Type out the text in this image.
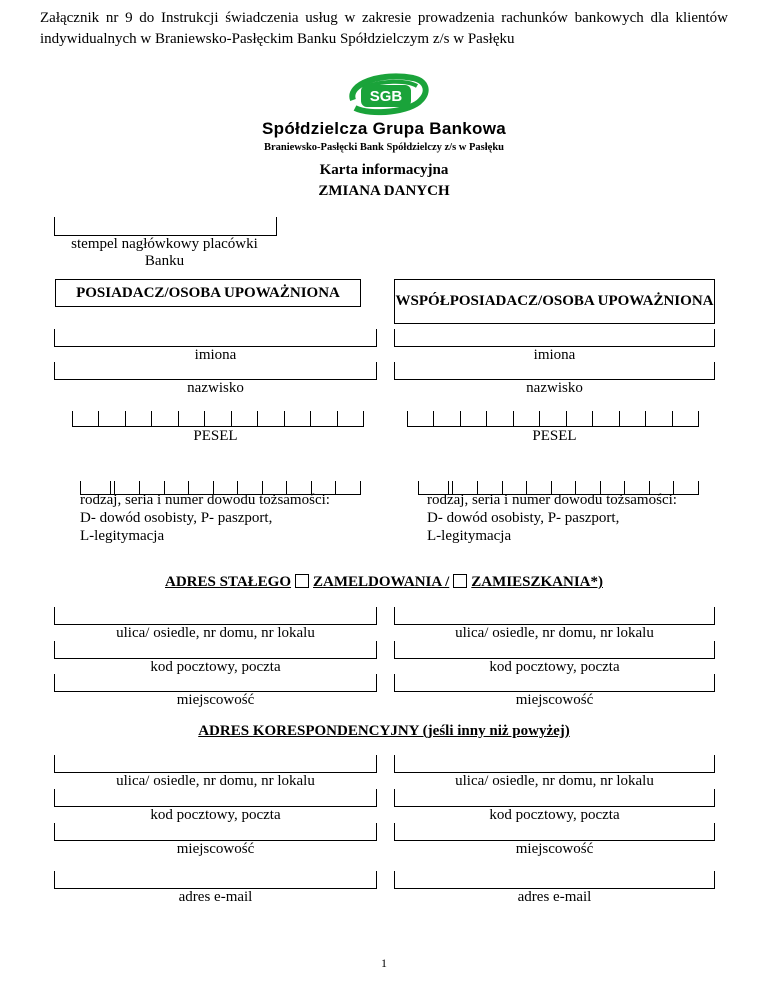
Załącznik nr 9 do Instrukcji świadczenia usług w zakresie prowadzenia rachunków bankowych dla klientów indywidualnych w Braniewsko-Pasłęckim Banku Spółdzielczym z/s w Pasłęku
SGB
Spółdzielcza Grupa Bankowa
Braniewsko-Pasłęcki Bank Spółdzielczy z/s w Pasłęku
Karta informacyjna
ZMIANA DANYCH
stempel nagłówkowy placówki Banku
POSIADACZ/OSOBA UPOWAŻNIONA
WSPÓŁPOSIADACZ/OSOBA UPOWAŻNIONA
imiona	imiona
nazwisko	nazwisko
PESEL	PESEL
rodzaj, seria i numer dowodu tożsamości:
D- dowód osobisty, P- paszport,
L-legitymacja
rodzaj, seria i numer dowodu tożsamości:
D- dowód osobisty, P- paszport,
L-legitymacja
ADRES STAŁEGO ZAMELDOWANIA / ZAMIESZKANIA*)
ulica/ osiedle, nr domu, nr lokalu	ulica/ osiedle, nr domu, nr lokalu
kod pocztowy, poczta	kod pocztowy, poczta
miejscowość	miejscowość
ADRES KORESPONDENCYJNY (jeśli inny niż powyżej)
ulica/ osiedle, nr domu, nr lokalu	ulica/ osiedle, nr domu, nr lokalu
kod pocztowy, poczta	kod pocztowy, poczta
miejscowość	miejscowość
adres e-mail	adres e-mail
1
